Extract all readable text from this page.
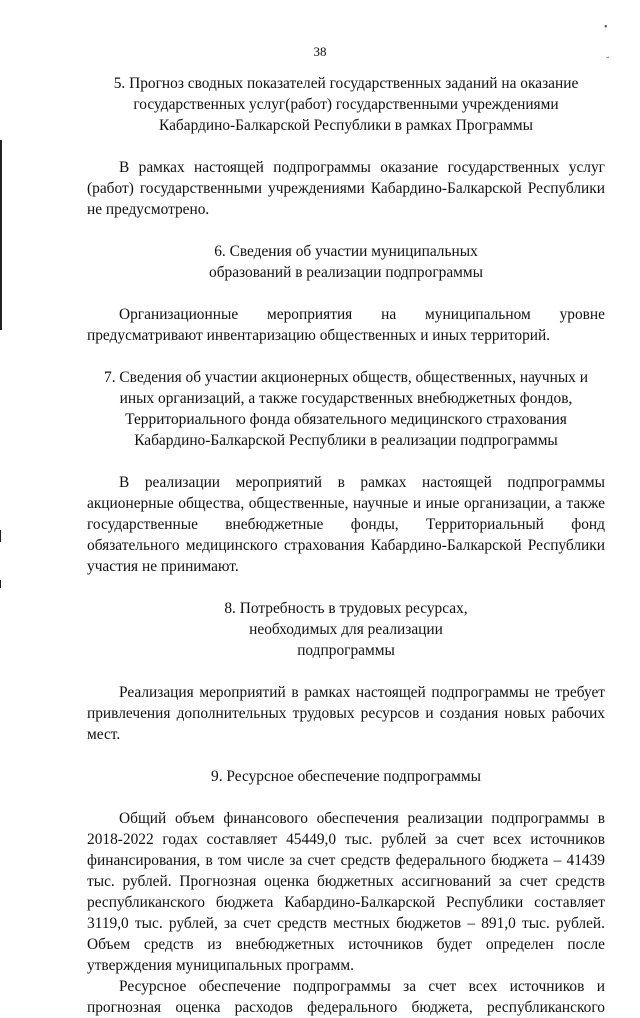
38
•
˘

5. Прогноз сводных показателей государственных заданий на оказание государственных услуг(работ) государственными учреждениями Кабардино-Балкарской Республики в рамках Программы

В рамках настоящей подпрограммы оказание государственных услуг (работ) государственными учреждениями Кабардино-Балкарской Республики не предусмотрено.

6. Сведения об участии муниципальных образований в реализации подпрограммы

Организационные мероприятия на муниципальном уровне предусматривают инвентаризацию общественных и иных территорий.

7. Сведения об участии акционерных обществ, общественных, научных и иных организаций, а также государственных внебюджетных фондов, Территориального фонда обязательного медицинского страхования Кабардино-Балкарской Республики в реализации подпрограммы

В реализации мероприятий в рамках настоящей подпрограммы акционерные общества, общественные, научные и иные организации, а также государственные внебюджетные фонды, Территориальный фонд обязательного медицинского страхования Кабардино-Балкарской Республики участия не принимают.

8. Потребность в трудовых ресурсах, необходимых для реализации подпрограммы

Реализация мероприятий в рамках настоящей подпрограммы не требует привлечения дополнительных трудовых ресурсов и создания новых рабочих мест.

9. Ресурсное обеспечение подпрограммы

Общий объем финансового обеспечения реализации подпрограммы в 2018-2022 годах составляет 45449,0 тыс. рублей за счет всех источников финансирования, в том числе за счет средств федерального бюджета – 41439 тыс. рублей. Прогнозная оценка бюджетных ассигнований за счет средств республиканского бюджета Кабардино-Балкарской Республики составляет 3119,0 тыс. рублей, за счет средств местных бюджетов – 891,0 тыс. рублей. Объем средств из внебюджетных источников будет определен после утверждения муниципальных программ.

Ресурсное обеспечение подпрограммы за счет всех источников и прогнозная оценка расходов федерального бюджета, республиканского
